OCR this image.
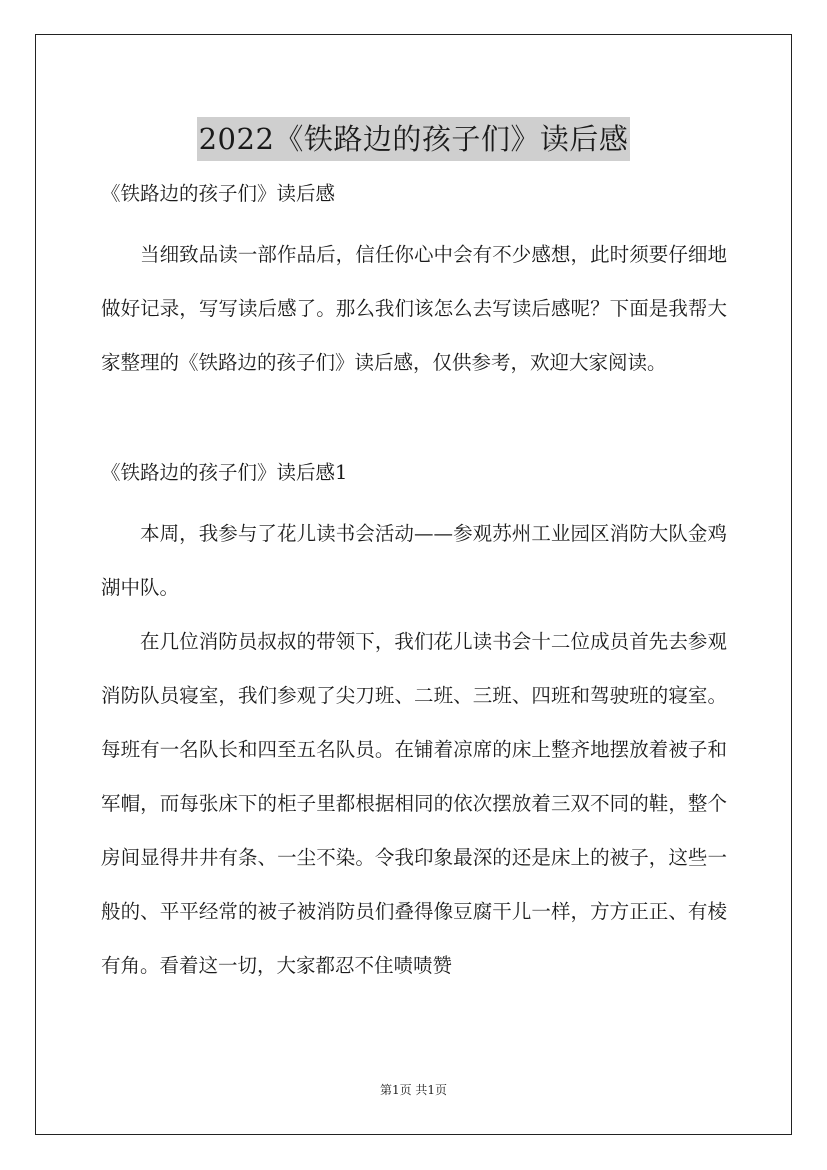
2022《铁路边的孩子们》读后感

《铁路边的孩子们》读后感

当细致品读一部作品后，信任你心中会有不少感想，此时须要仔细地做好记录，写写读后感了。那么我们该怎么去写读后感呢？下面是我帮大家整理的《铁路边的孩子们》读后感，仅供参考，欢迎大家阅读。

《铁路边的孩子们》读后感1

本周，我参与了花儿读书会活动——参观苏州工业园区消防大队金鸡湖中队。

在几位消防员叔叔的带领下，我们花儿读书会十二位成员首先去参观消防队员寝室，我们参观了尖刀班、二班、三班、四班和驾驶班的寝室。每班有一名队长和四至五名队员。在铺着凉席的床上整齐地摆放着被子和军帽，而每张床下的柜子里都根据相同的依次摆放着三双不同的鞋，整个房间显得井井有条、一尘不染。令我印象最深的还是床上的被子，这些一般的、平平经常的被子被消防员们叠得像豆腐干儿一样，方方正正、有棱有角。看着这一切，大家都忍不住啧啧赞

第1页 共1页
